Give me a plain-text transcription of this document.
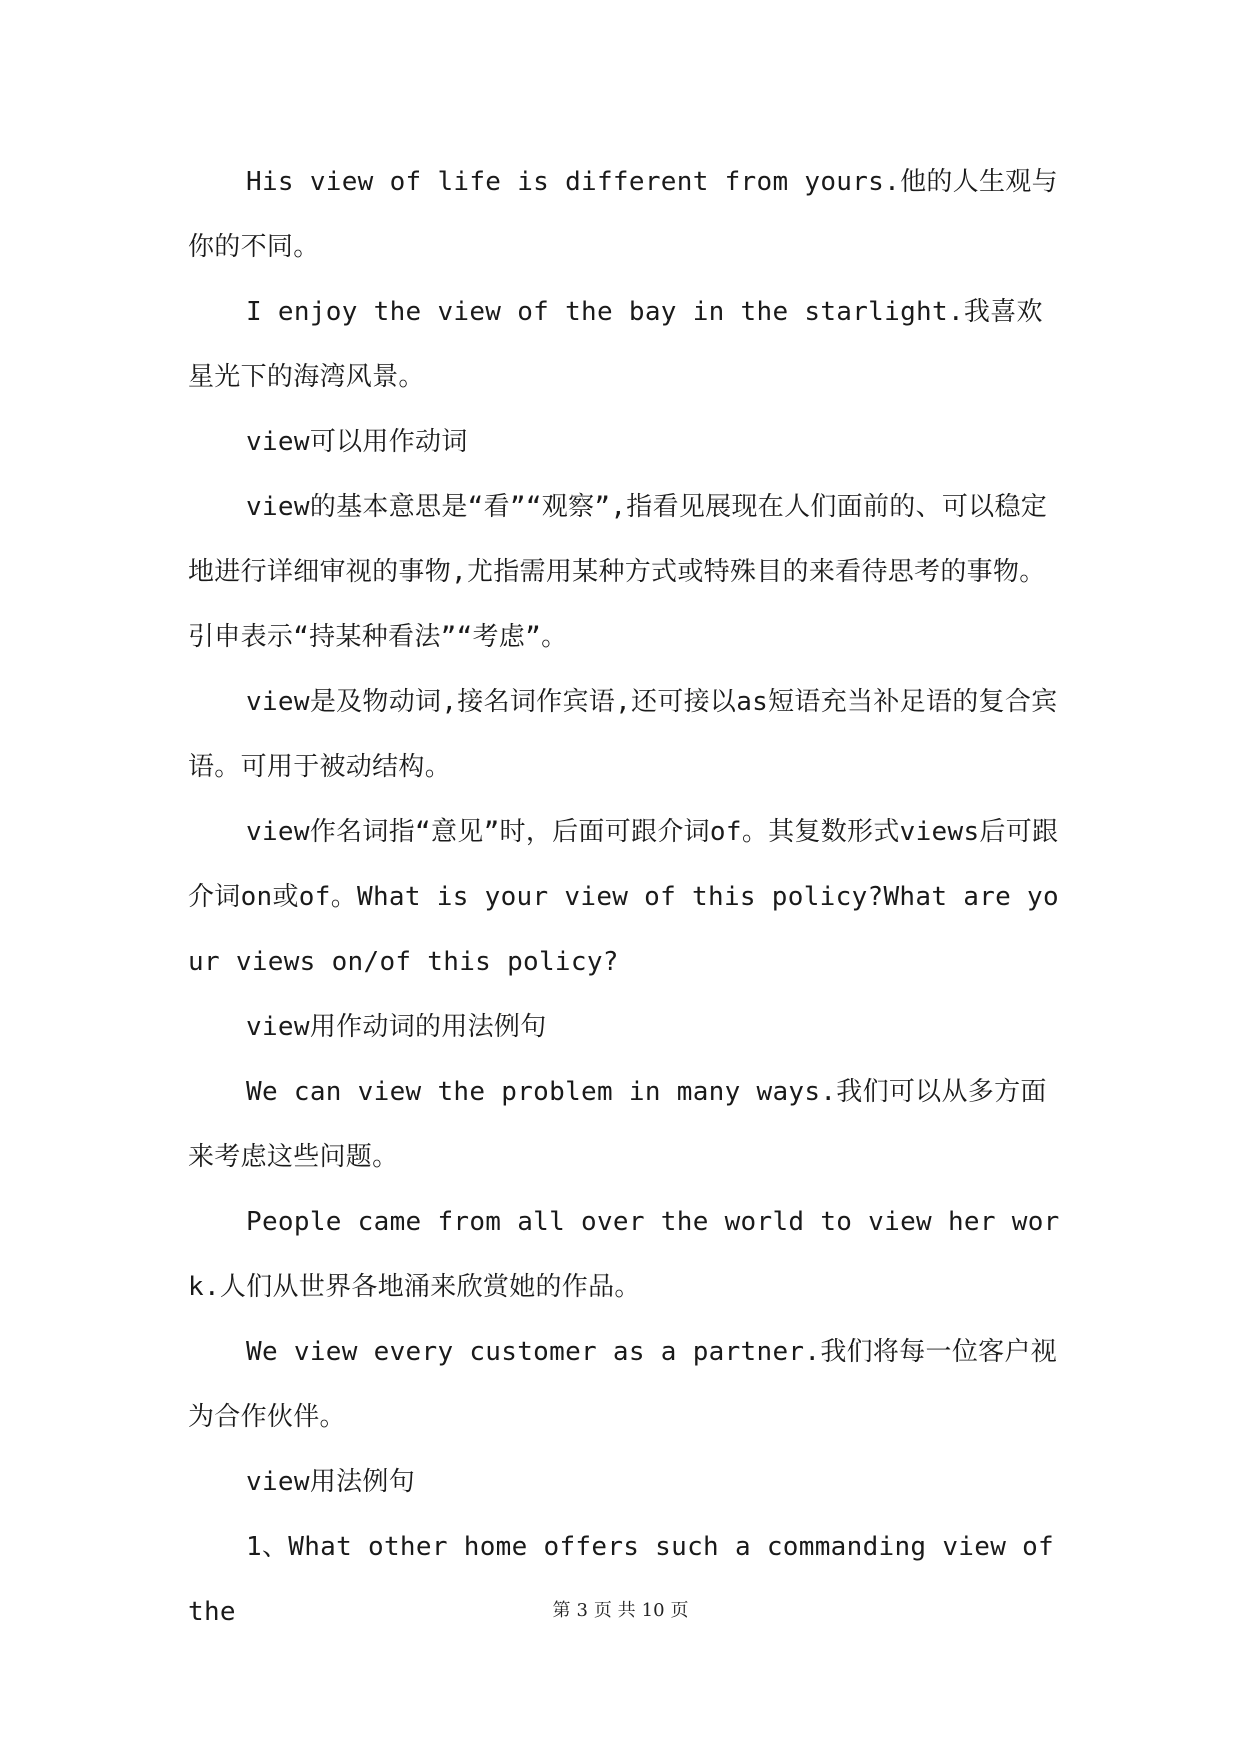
His view of life is different from yours.他的人生观与你的不同。

I enjoy the view of the bay in the starlight.我喜欢星光下的海湾风景。

view可以用作动词

view的基本意思是“看”“观察”,指看见展现在人们面前的、可以稳定地进行详细审视的事物,尤指需用某种方式或特殊目的来看待思考的事物。引申表示“持某种看法”“考虑”。

view是及物动词,接名词作宾语,还可接以as短语充当补足语的复合宾语。可用于被动结构。

view作名词指“意见”时，后面可跟介词of。其复数形式views后可跟介词on或of。What is your view of this policy?What are your views on/of this policy?

view用作动词的用法例句

We can view the problem in many ways.我们可以从多方面来考虑这些问题。

People came from all over the world to view her work.人们从世界各地涌来欣赏她的作品。

We view every customer as a partner.我们将每一位客户视为合作伙伴。

view用法例句

1、What other home offers such a commanding view of the	第 3 页 共 10 页
